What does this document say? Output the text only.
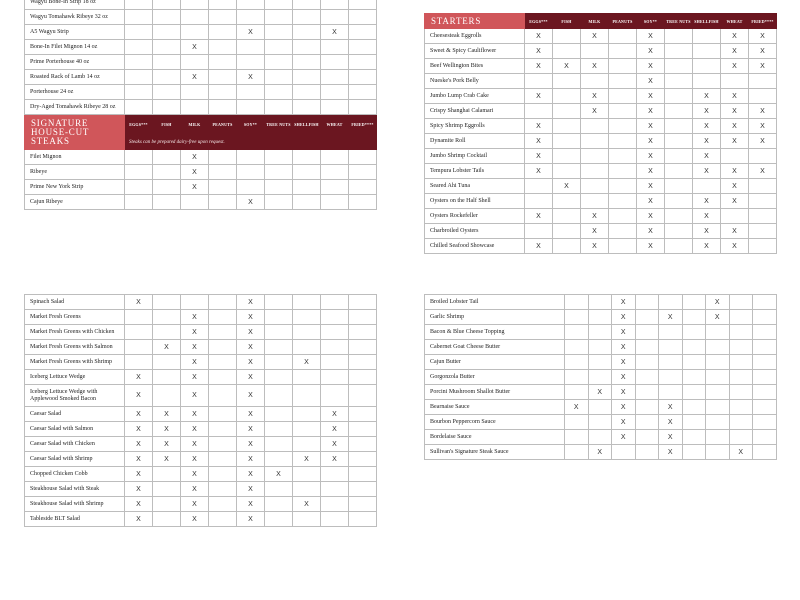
Wagyu Bone-In Strip 18 oz									
Wagyu Tomahawk Ribeye 32 oz									
A5 Wagyu Strip					X			X	
Bone-In Filet Mignon 14 oz			X						
Prime Porterhouse 40 oz									
Roasted Rack of Lamb 14 oz			X		X				
Porterhouse 24 oz									
Dry-Aged Tomahawk Ribeye 28 oz									
SIGNATURE HOUSE-CUT STEAKS	EGGS***	FISH	MILK	PEANUTS	SOY**	TREE NUTS	SHELLFISH	WHEAT	FRIED****
	Steaks can be prepared dairy-free upon request.								
Filet Mignon			X						
Ribeye			X						
Prime New York Strip			X						
Cajun Ribeye					X				
STARTERS	EGGS***	FISH	MILK	PEANUTS	SOY**	TREE NUTS	SHELLFISH	WHEAT	FRIED****
Cheesesteak Eggrolls	X		X		X			X	X
Sweet & Spicy Cauliflower	X				X			X	X
Beef Wellington Bites	X	X	X		X			X	X
Nueske's Pork Belly					X				
Jumbo Lump Crab Cake	X		X		X		X	X	
Crispy Shanghai Calamari			X		X		X	X	X
Spicy Shrimp Eggrolls	X				X		X	X	X
Dynamite Roll	X				X		X	X	X
Jumbo Shrimp Cocktail	X				X		X		
Tempura Lobster Tails	X				X		X	X	X
Seared Ahi Tuna		X			X			X	
Oysters on the Half Shell					X		X	X	
Oysters Rockefeller	X		X		X		X		
Charbroiled Oysters			X		X		X	X	
Chilled Seafood Showcase	X		X		X		X	X	
Spinach Salad	X				X				
Market Fresh Greens			X		X				
Market Fresh Greens with Chicken			X		X				
Market Fresh Greens with Salmon		X	X		X				
Market Fresh Greens with Shrimp			X		X		X		
Iceberg Lettuce Wedge	X		X		X				
Iceberg Lettuce Wedge with Applewood Smoked Bacon	X		X		X				
Caesar Salad	X	X	X		X			X	
Caesar Salad with Salmon	X	X	X		X			X	
Caesar Salad with Chicken	X	X	X		X			X	
Caesar Salad with Shrimp	X	X	X		X		X	X	
Chopped Chicken Cobb	X		X		X	X			
Steakhouse Salad with Steak	X		X		X				
Steakhouse Salad with Shrimp	X		X		X		X		
Tableside BLT Salad	X		X		X				
Broiled Lobster Tail			X				X		
Garlic Shrimp			X		X		X		
Bacon & Blue Cheese Topping			X						
Cabernet Goat Cheese Butter			X						
Cajun Butter			X						
Gorgonzola Butter			X						
Porcini Mushroom Shallot Butter		X	X						
Bearnaise Sauce	X		X		X				
Bourbon Peppercorn Sauce			X		X				
Bordelaise Sauce			X		X				
Sullivan's Signature Steak Sauce		X			X			X	
